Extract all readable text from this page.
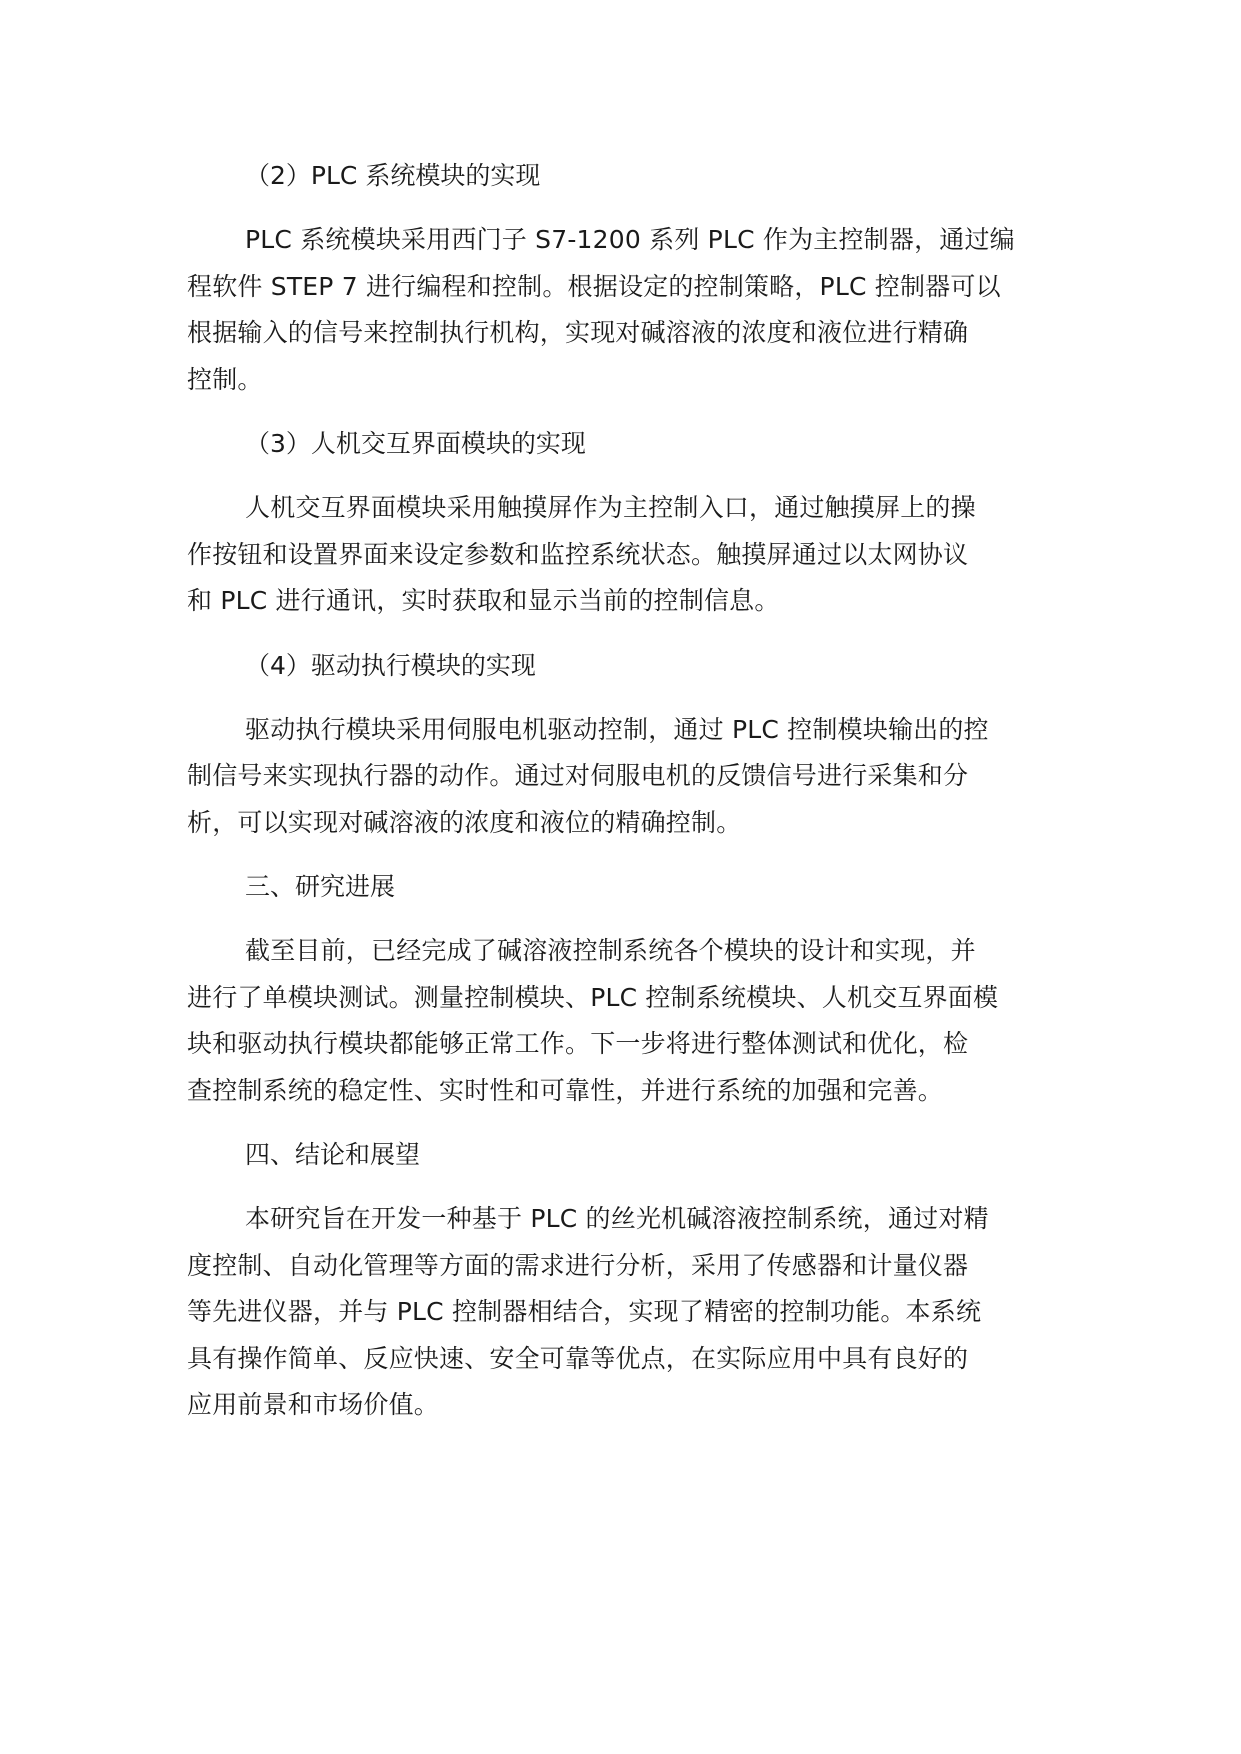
（2）PLC 系统模块的实现
PLC 系统模块采用西门子 S7-1200 系列 PLC 作为主控制器，通过编
程软件 STEP 7 进行编程和控制。根据设定的控制策略，PLC 控制器可以
根据输入的信号来控制执行机构，实现对碱溶液的浓度和液位进行精确
控制。
（3）人机交互界面模块的实现
人机交互界面模块采用触摸屏作为主控制入口，通过触摸屏上的操
作按钮和设置界面来设定参数和监控系统状态。触摸屏通过以太网协议
和 PLC 进行通讯，实时获取和显示当前的控制信息。
（4）驱动执行模块的实现
驱动执行模块采用伺服电机驱动控制，通过 PLC 控制模块输出的控
制信号来实现执行器的动作。通过对伺服电机的反馈信号进行采集和分
析，可以实现对碱溶液的浓度和液位的精确控制。
三、研究进展
截至目前，已经完成了碱溶液控制系统各个模块的设计和实现，并
进行了单模块测试。测量控制模块、PLC 控制系统模块、人机交互界面模
块和驱动执行模块都能够正常工作。下一步将进行整体测试和优化，检
查控制系统的稳定性、实时性和可靠性，并进行系统的加强和完善。
四、结论和展望
本研究旨在开发一种基于 PLC 的丝光机碱溶液控制系统，通过对精
度控制、自动化管理等方面的需求进行分析，采用了传感器和计量仪器
等先进仪器，并与 PLC 控制器相结合，实现了精密的控制功能。本系统
具有操作简单、反应快速、安全可靠等优点，在实际应用中具有良好的
应用前景和市场价值。
